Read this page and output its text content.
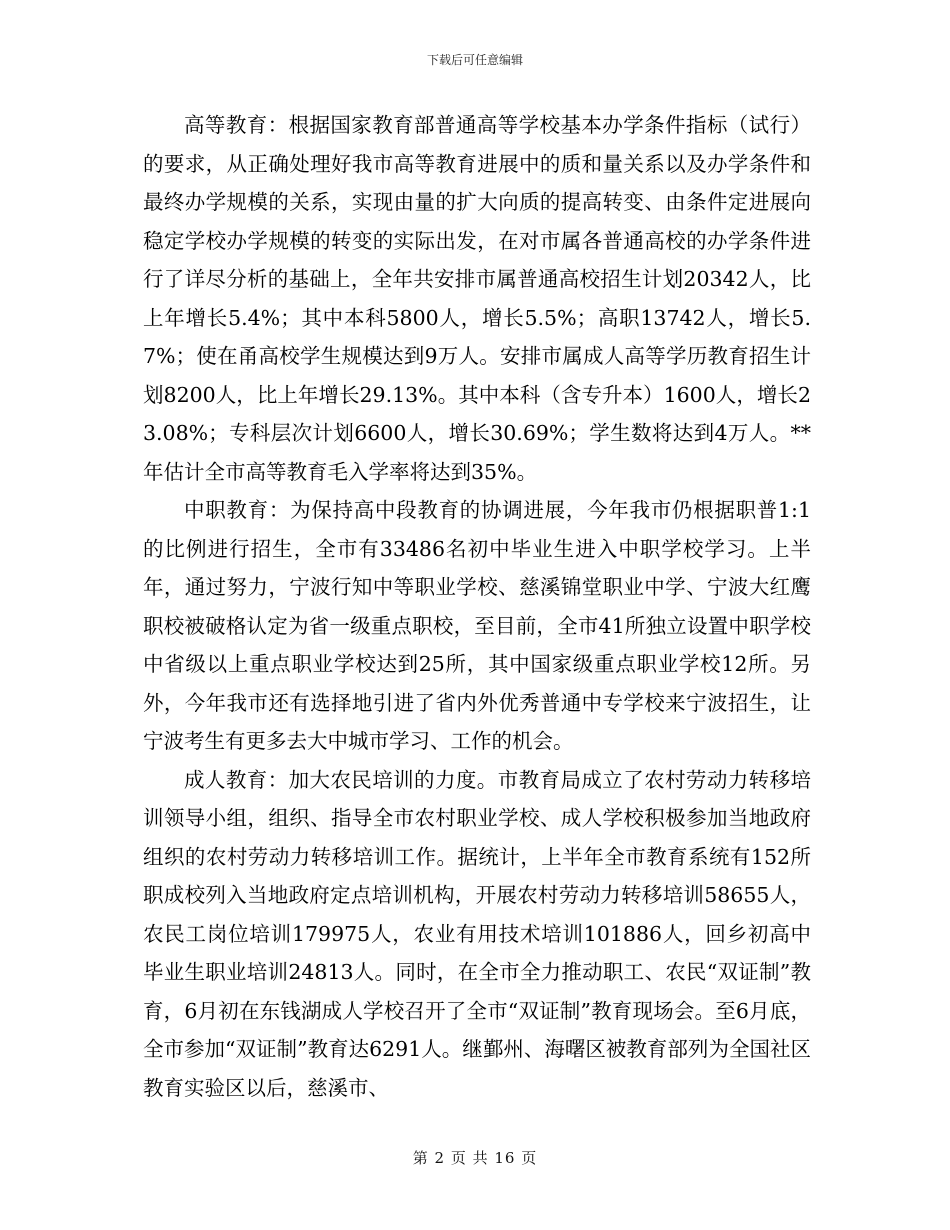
下载后可任意编辑

高等教育：根据国家教育部普通高等学校基本办学条件指标（试行）的要求，从正确处理好我市高等教育进展中的质和量关系以及办学条件和最终办学规模的关系，实现由量的扩大向质的提高转变、由条件定进展向稳定学校办学规模的转变的实际出发，在对市属各普通高校的办学条件进行了详尽分析的基础上，全年共安排市属普通高校招生计划20342人，比上年增长5.4%；其中本科5800人，增长5.5%；高职13742人，增长5.7%；使在甬高校学生规模达到9万人。安排市属成人高等学历教育招生计划8200人，比上年增长29.13%。其中本科（含专升本）1600人，增长23.08%；专科层次计划6600人，增长30.69%；学生数将达到4万人。**年估计全市高等教育毛入学率将达到35%。

中职教育：为保持高中段教育的协调进展，今年我市仍根据职普1:1的比例进行招生，全市有33486名初中毕业生进入中职学校学习。上半年，通过努力，宁波行知中等职业学校、慈溪锦堂职业中学、宁波大红鹰职校被破格认定为省一级重点职校，至目前，全市41所独立设置中职学校中省级以上重点职业学校达到25所，其中国家级重点职业学校12所。另外，今年我市还有选择地引进了省内外优秀普通中专学校来宁波招生，让宁波考生有更多去大中城市学习、工作的机会。

成人教育：加大农民培训的力度。市教育局成立了农村劳动力转移培训领导小组，组织、指导全市农村职业学校、成人学校积极参加当地政府组织的农村劳动力转移培训工作。据统计，上半年全市教育系统有152所职成校列入当地政府定点培训机构，开展农村劳动力转移培训58655人，农民工岗位培训179975人，农业有用技术培训101886人，回乡初高中毕业生职业培训24813人。同时，在全市全力推动职工、农民“双证制”教育，6月初在东钱湖成人学校召开了全市“双证制”教育现场会。至6月底，全市参加“双证制”教育达6291人。继鄞州、海曙区被教育部列为全国社区教育实验区以后，慈溪市、

第 2 页 共 16 页
